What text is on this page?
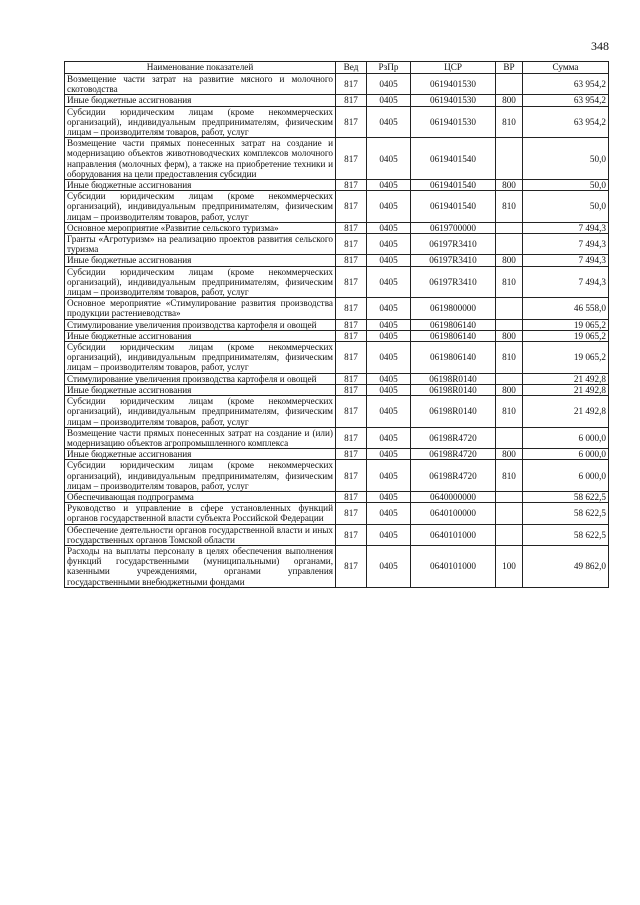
348
Наименование показателей	Вед	РзПр	ЦСР	ВР	Сумма
Возмещение части затрат на развитие мясного и молочного скотоводства	817	0405	0619401530		63 954,2
Иные бюджетные ассигнования	817	0405	0619401530	800	63 954,2
Субсидии юридическим лицам (кроме некоммерческих организаций), индивидуальным предпринимателям, физическим лицам – производителям товаров, работ, услуг	817	0405	0619401530	810	63 954,2
Возмещение части прямых понесенных затрат на создание и модернизацию объектов животноводческих комплексов молочного направления (молочных ферм), а также на приобретение техники и оборудования на цели предоставления субсидии	817	0405	0619401540		50,0
Иные бюджетные ассигнования	817	0405	0619401540	800	50,0
Субсидии юридическим лицам (кроме некоммерческих организаций), индивидуальным предпринимателям, физическим лицам – производителям товаров, работ, услуг	817	0405	0619401540	810	50,0
Основное мероприятие «Развитие сельского туризма»	817	0405	0619700000		7 494,3
Гранты «Агротуризм» на реализацию проектов развития сельского туризма	817	0405	06197R3410		7 494,3
Иные бюджетные ассигнования	817	0405	06197R3410	800	7 494,3
Субсидии юридическим лицам (кроме некоммерческих организаций), индивидуальным предпринимателям, физическим лицам – производителям товаров, работ, услуг	817	0405	06197R3410	810	7 494,3
Основное мероприятие «Стимулирование развития производства продукции растениеводства»	817	0405	0619800000		46 558,0
Стимулирование увеличения производства картофеля и овощей	817	0405	0619806140		19 065,2
Иные бюджетные ассигнования	817	0405	0619806140	800	19 065,2
Субсидии юридическим лицам (кроме некоммерческих организаций), индивидуальным предпринимателям, физическим лицам – производителям товаров, работ, услуг	817	0405	0619806140	810	19 065,2
Стимулирование увеличения производства картофеля и овощей	817	0405	06198R0140		21 492,8
Иные бюджетные ассигнования	817	0405	06198R0140	800	21 492,8
Субсидии юридическим лицам (кроме некоммерческих организаций), индивидуальным предпринимателям, физическим лицам – производителям товаров, работ, услуг	817	0405	06198R0140	810	21 492,8
Возмещение части прямых понесенных затрат на создание и (или) модернизацию объектов агропромышленного комплекса	817	0405	06198R4720		6 000,0
Иные бюджетные ассигнования	817	0405	06198R4720	800	6 000,0
Субсидии юридическим лицам (кроме некоммерческих организаций), индивидуальным предпринимателям, физическим лицам – производителям товаров, работ, услуг	817	0405	06198R4720	810	6 000,0
Обеспечивающая подпрограмма	817	0405	0640000000		58 622,5
Руководство и управление в сфере установленных функций органов государственной власти субъекта Российской Федерации	817	0405	0640100000		58 622,5
Обеспечение деятельности органов государственной власти и иных государственных органов Томской области	817	0405	0640101000		58 622,5
Расходы на выплаты персоналу в целях обеспечения выполнения функций государственными (муниципальными) органами, казенными учреждениями, органами управления государственными внебюджетными фондами	817	0405	0640101000	100	49 862,0
